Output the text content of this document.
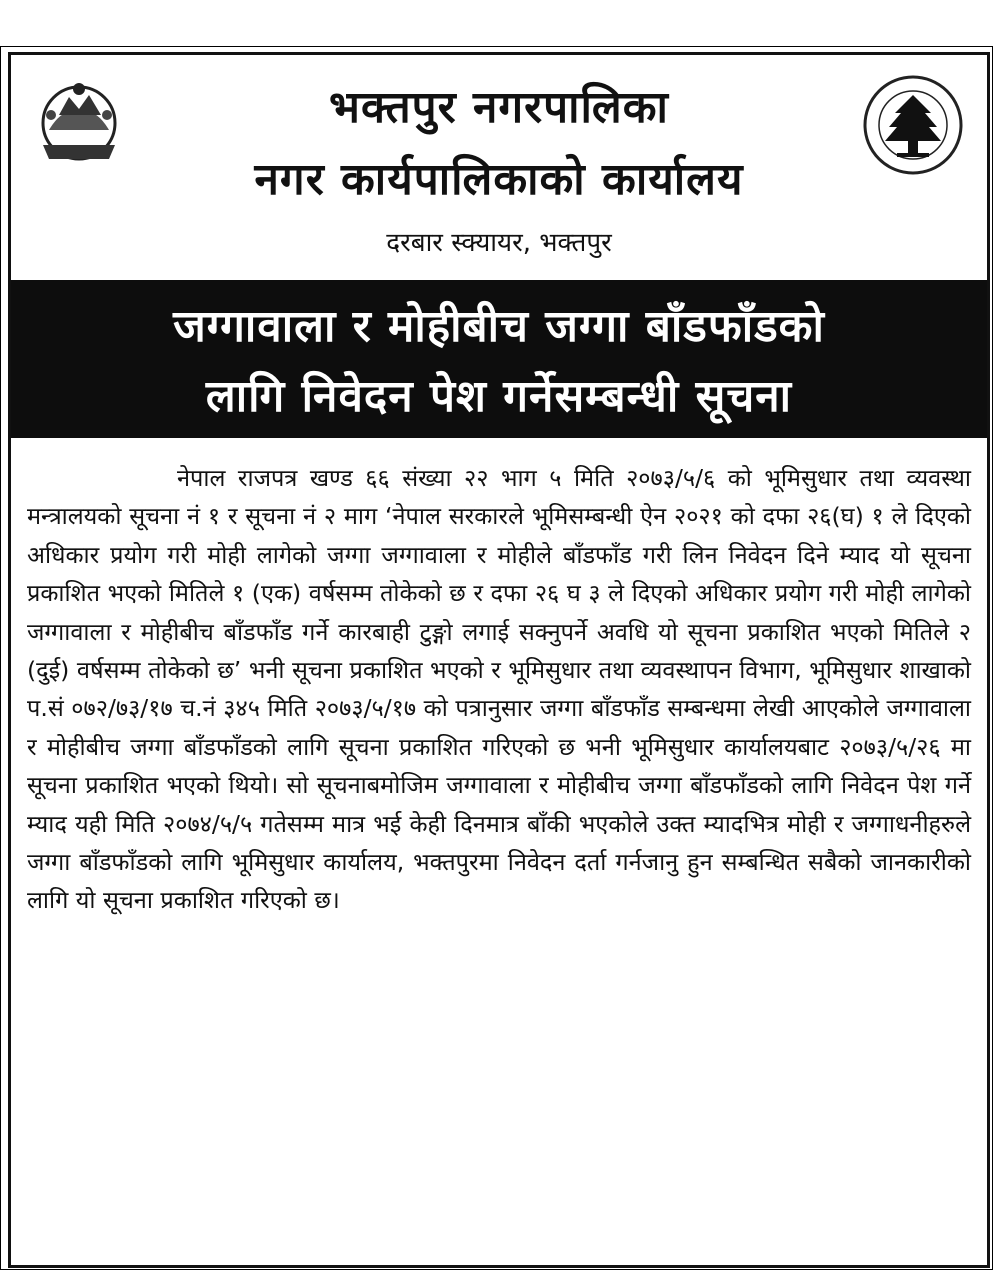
भक्तपुर नगरपालिका
नगर कार्यपालिकाको कार्यालय
दरबार स्क्यायर, भक्तपुर
जग्गावाला र मोहीबीच जग्गा बाँडफाँडको
लागि निवेदन पेश गर्नेसम्बन्धी सूचना

नेपाल राजपत्र खण्ड ६६ संख्या २२ भाग ५ मिति २०७३/५/६ को भूमिसुधार तथा व्यवस्था मन्त्रालयको सूचना नं १ र सूचना नं २ माग ‘नेपाल सरकारले भूमिसम्बन्धी ऐन २०२१ को दफा २६(घ) १ ले दिएको अधिकार प्रयोग गरी मोही लागेको जग्गा जग्गावाला र मोहीले बाँडफाँड गरी लिन निवेदन दिने म्याद यो सूचना प्रकाशित भएको मितिले १ (एक) वर्षसम्म तोकेको छ र दफा २६ घ ३ ले दिएको अधिकार प्रयोग गरी मोही लागेको जग्गावाला र मोहीबीच बाँडफाँड गर्ने कारबाही टुङ्गो लगाई सक्नुपर्ने अवधि यो सूचना प्रकाशित भएको मितिले २ (दुई) वर्षसम्म तोकेको छ’ भनी सूचना प्रकाशित भएको र भूमिसुधार तथा व्यवस्थापन विभाग, भूमिसुधार शाखाको प.सं ०७२/७३/१७ च.नं ३४५ मिति २०७३/५/१७ को पत्रानुसार जग्गा बाँडफाँड सम्बन्धमा लेखी आएकोले जग्गावाला र मोहीबीच जग्गा बाँडफाँडको लागि सूचना प्रकाशित गरिएको छ भनी भूमिसुधार कार्यालयबाट २०७३/५/२६ मा सूचना प्रकाशित भएको थियो। सो सूचनाबमोजिम जग्गावाला र मोहीबीच जग्गा बाँडफाँडको लागि निवेदन पेश गर्ने म्याद यही मिति २०७४/५/५ गतेसम्म मात्र भई केही दिनमात्र बाँकी भएकोले उक्त म्यादभित्र मोही र जग्गाधनीहरुले जग्गा बाँडफाँडको लागि भूमिसुधार कार्यालय, भक्तपुरमा निवेदन दर्ता गर्नजानु हुन सम्बन्धित सबैको जानकारीको लागि यो सूचना प्रकाशित गरिएको छ।
